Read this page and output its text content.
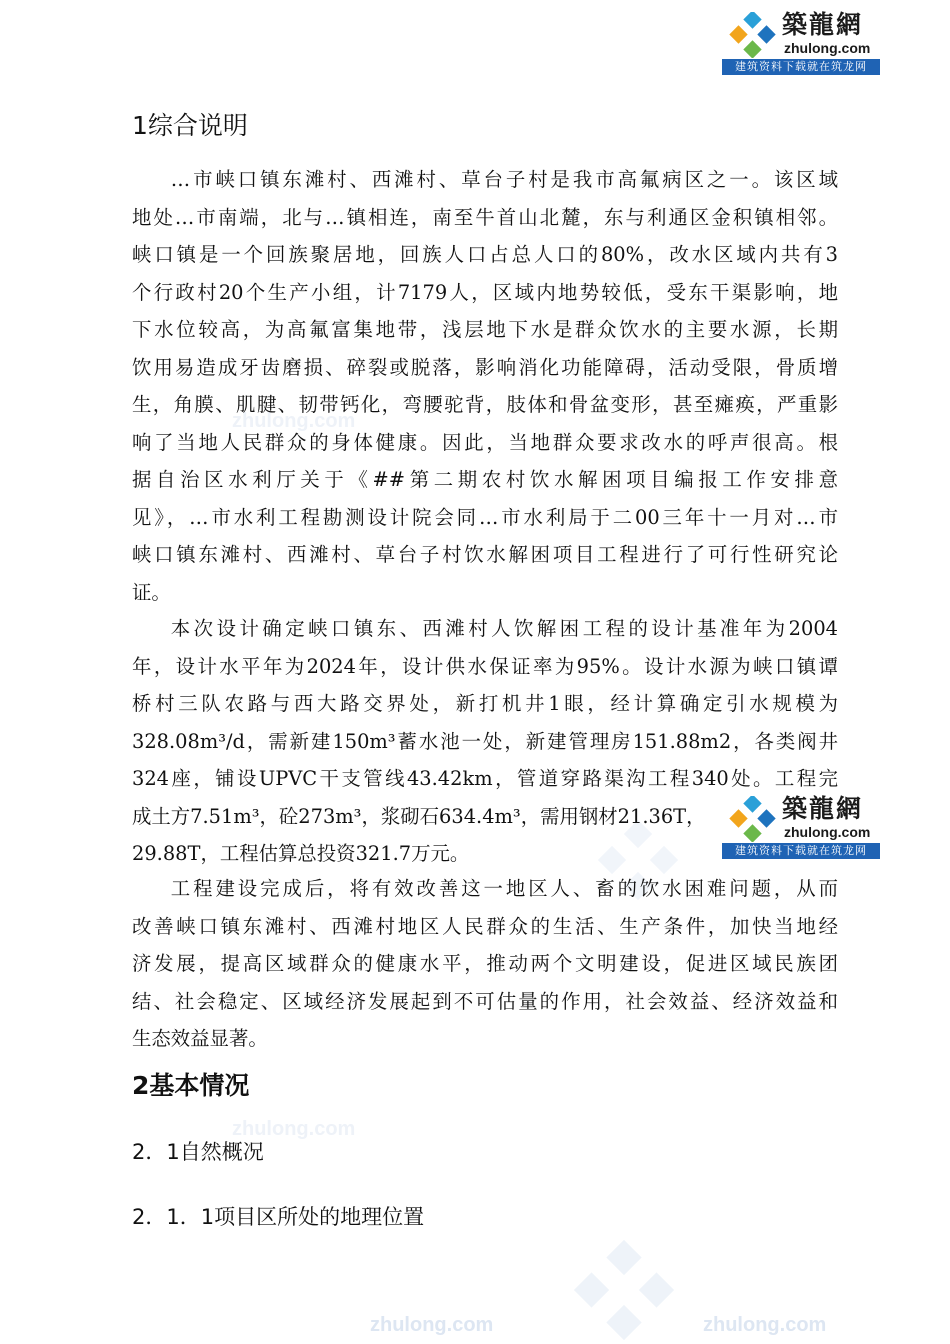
zhulong.com
zhulong.com
zhulong.com	zhulong.com
築龍網
zhulong.com
建筑资料下载就在筑龙网
1综合说明
…市峡口镇东滩村、西滩村、草台子村是我市高氟病区之一。该区域
地处…市南端，北与…镇相连，南至牛首山北麓，东与利通区金积镇相邻。
峡口镇是一个回族聚居地，回族人口占总人口的80%，改水区域内共有3
个行政村20个生产小组，计7179人，区域内地势较低，受东干渠影响，地
下水位较高，为高氟富集地带，浅层地下水是群众饮水的主要水源，长期
饮用易造成牙齿磨损、碎裂或脱落，影响消化功能障碍，活动受限，骨质增
生，角膜、肌腱、韧带钙化，弯腰驼背，肢体和骨盆变形，甚至瘫痪，严重影
响了当地人民群众的身体健康。因此，当地群众要求改水的呼声很高。根
据自治区水利厅关于《##第二期农村饮水解困项目编报工作安排意
见》，…市水利工程勘测设计院会同…市水利局于二00三年十一月对…市
峡口镇东滩村、西滩村、草台子村饮水解困项目工程进行了可行性研究论
证。
本次设计确定峡口镇东、西滩村人饮解困工程的设计基准年为2004
年，设计水平年为2024年，设计供水保证率为95%。设计水源为峡口镇谭
桥村三队农路与西大路交界处，新打机井1眼，经计算确定引水规模为
328.08m³/d，需新建150m³蓄水池一处，新建管理房151.88m2，各类阀井
324座，铺设UPVC干支管线43.42km，管道穿路渠沟工程340处。工程完
成土方7.51m³，砼273m³，浆砌石634.4m³，需用钢材21.36T，
29.88T，工程估算总投资321.7万元。
築龍網
zhulong.com
建筑资料下载就在筑龙网
工程建设完成后，将有效改善这一地区人、畜的饮水困难问题，从而
改善峡口镇东滩村、西滩村地区人民群众的生活、生产条件，加快当地经
济发展，提高区域群众的健康水平，推动两个文明建设，促进区域民族团
结、社会稳定、区域经济发展起到不可估量的作用，社会效益、经济效益和
生态效益显著。
2基本情况
2．1自然概况
2．1．1项目区所处的地理位置
